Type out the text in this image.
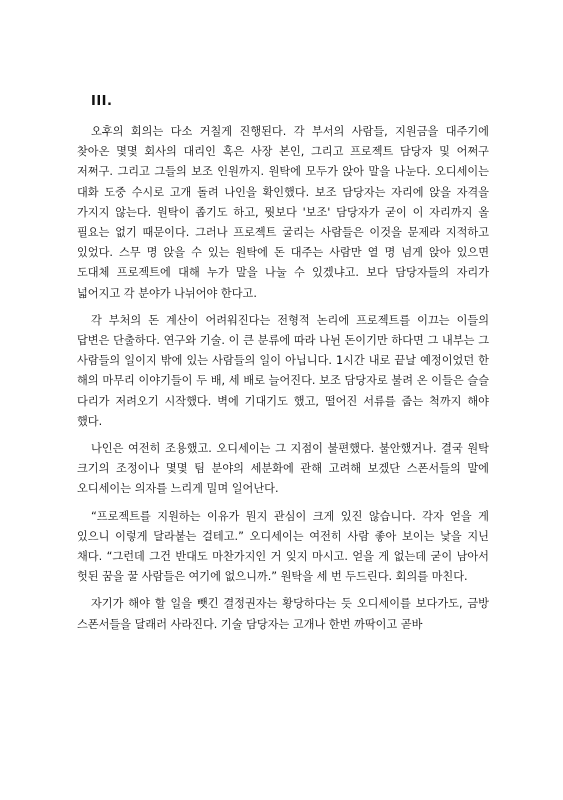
III.

오후의 회의는 다소 거칠게 진행된다. 각 부서의 사람들, 지원금을 대주기에 찾아온 몇몇 회사의 대리인 혹은 사장 본인, 그리고 프로젝트 담당자 및 어쩌구 저쩌구. 그리고 그들의 보조 인원까지. 원탁에 모두가 앉아 말을 나눈다. 오디세이는 대화 도중 수시로 고개 돌려 나인을 확인했다. 보조 담당자는 자리에 앉을 자격을 가지지 않는다. 원탁이 좁기도 하고, 뭣보다 '보조' 담당자가 굳이 이 자리까지 올 필요는 없기 때문이다. 그러나 프로젝트 굴리는 사람들은 이것을 문제라 지적하고 있었다. 스무 명 앉을 수 있는 원탁에 돈 대주는 사람만 열 명 넘게 앉아 있으면 도대체 프로젝트에 대해 누가 말을 나눌 수 있겠냐고. 보다 담당자들의 자리가 넓어지고 각 분야가 나뉘어야 한다고.

각 부처의 돈 계산이 어려워진다는 전형적 논리에 프로젝트를 이끄는 이들의 답변은 단출하다. 연구와 기술. 이 큰 분류에 따라 나뉜 돈이기만 하다면 그 내부는 그 사람들의 일이지 밖에 있는 사람들의 일이 아닙니다. 1시간 내로 끝날 예정이었던 한 해의 마무리 이야기들이 두 배, 세 배로 늘어진다. 보조 담당자로 불려 온 이들은 슬슬 다리가 저려오기 시작했다. 벽에 기대기도 했고, 떨어진 서류를 줍는 척까지 해야 했다.

나인은 여전히 조용했고. 오디세이는 그 지점이 불편했다. 불안했거나. 결국 원탁 크기의 조정이나 몇몇 팀 분야의 세분화에 관해 고려해 보겠단 스폰서들의 말에 오디세이는 의자를 느리게 밀며 일어난다.

“프로젝트를 지원하는 이유가 뭔지 관심이 크게 있진 않습니다. 각자 얻을 게 있으니 이렇게 달라붙는 걸테고.” 오디세이는 여전히 사람 좋아 보이는 낯을 지닌 채다. “그런데 그건 반대도 마찬가지인 거 잊지 마시고. 얻을 게 없는데 굳이 남아서 헛된 꿈을 꿀 사람들은 여기에 없으니까.” 원탁을 세 번 두드린다. 회의를 마친다.

자기가 해야 할 일을 뺏긴 결정권자는 황당하다는 듯 오디세이를 보다가도, 금방 스폰서들을 달래러 사라진다. 기술 담당자는 고개나 한번 까딱이고 곧바
